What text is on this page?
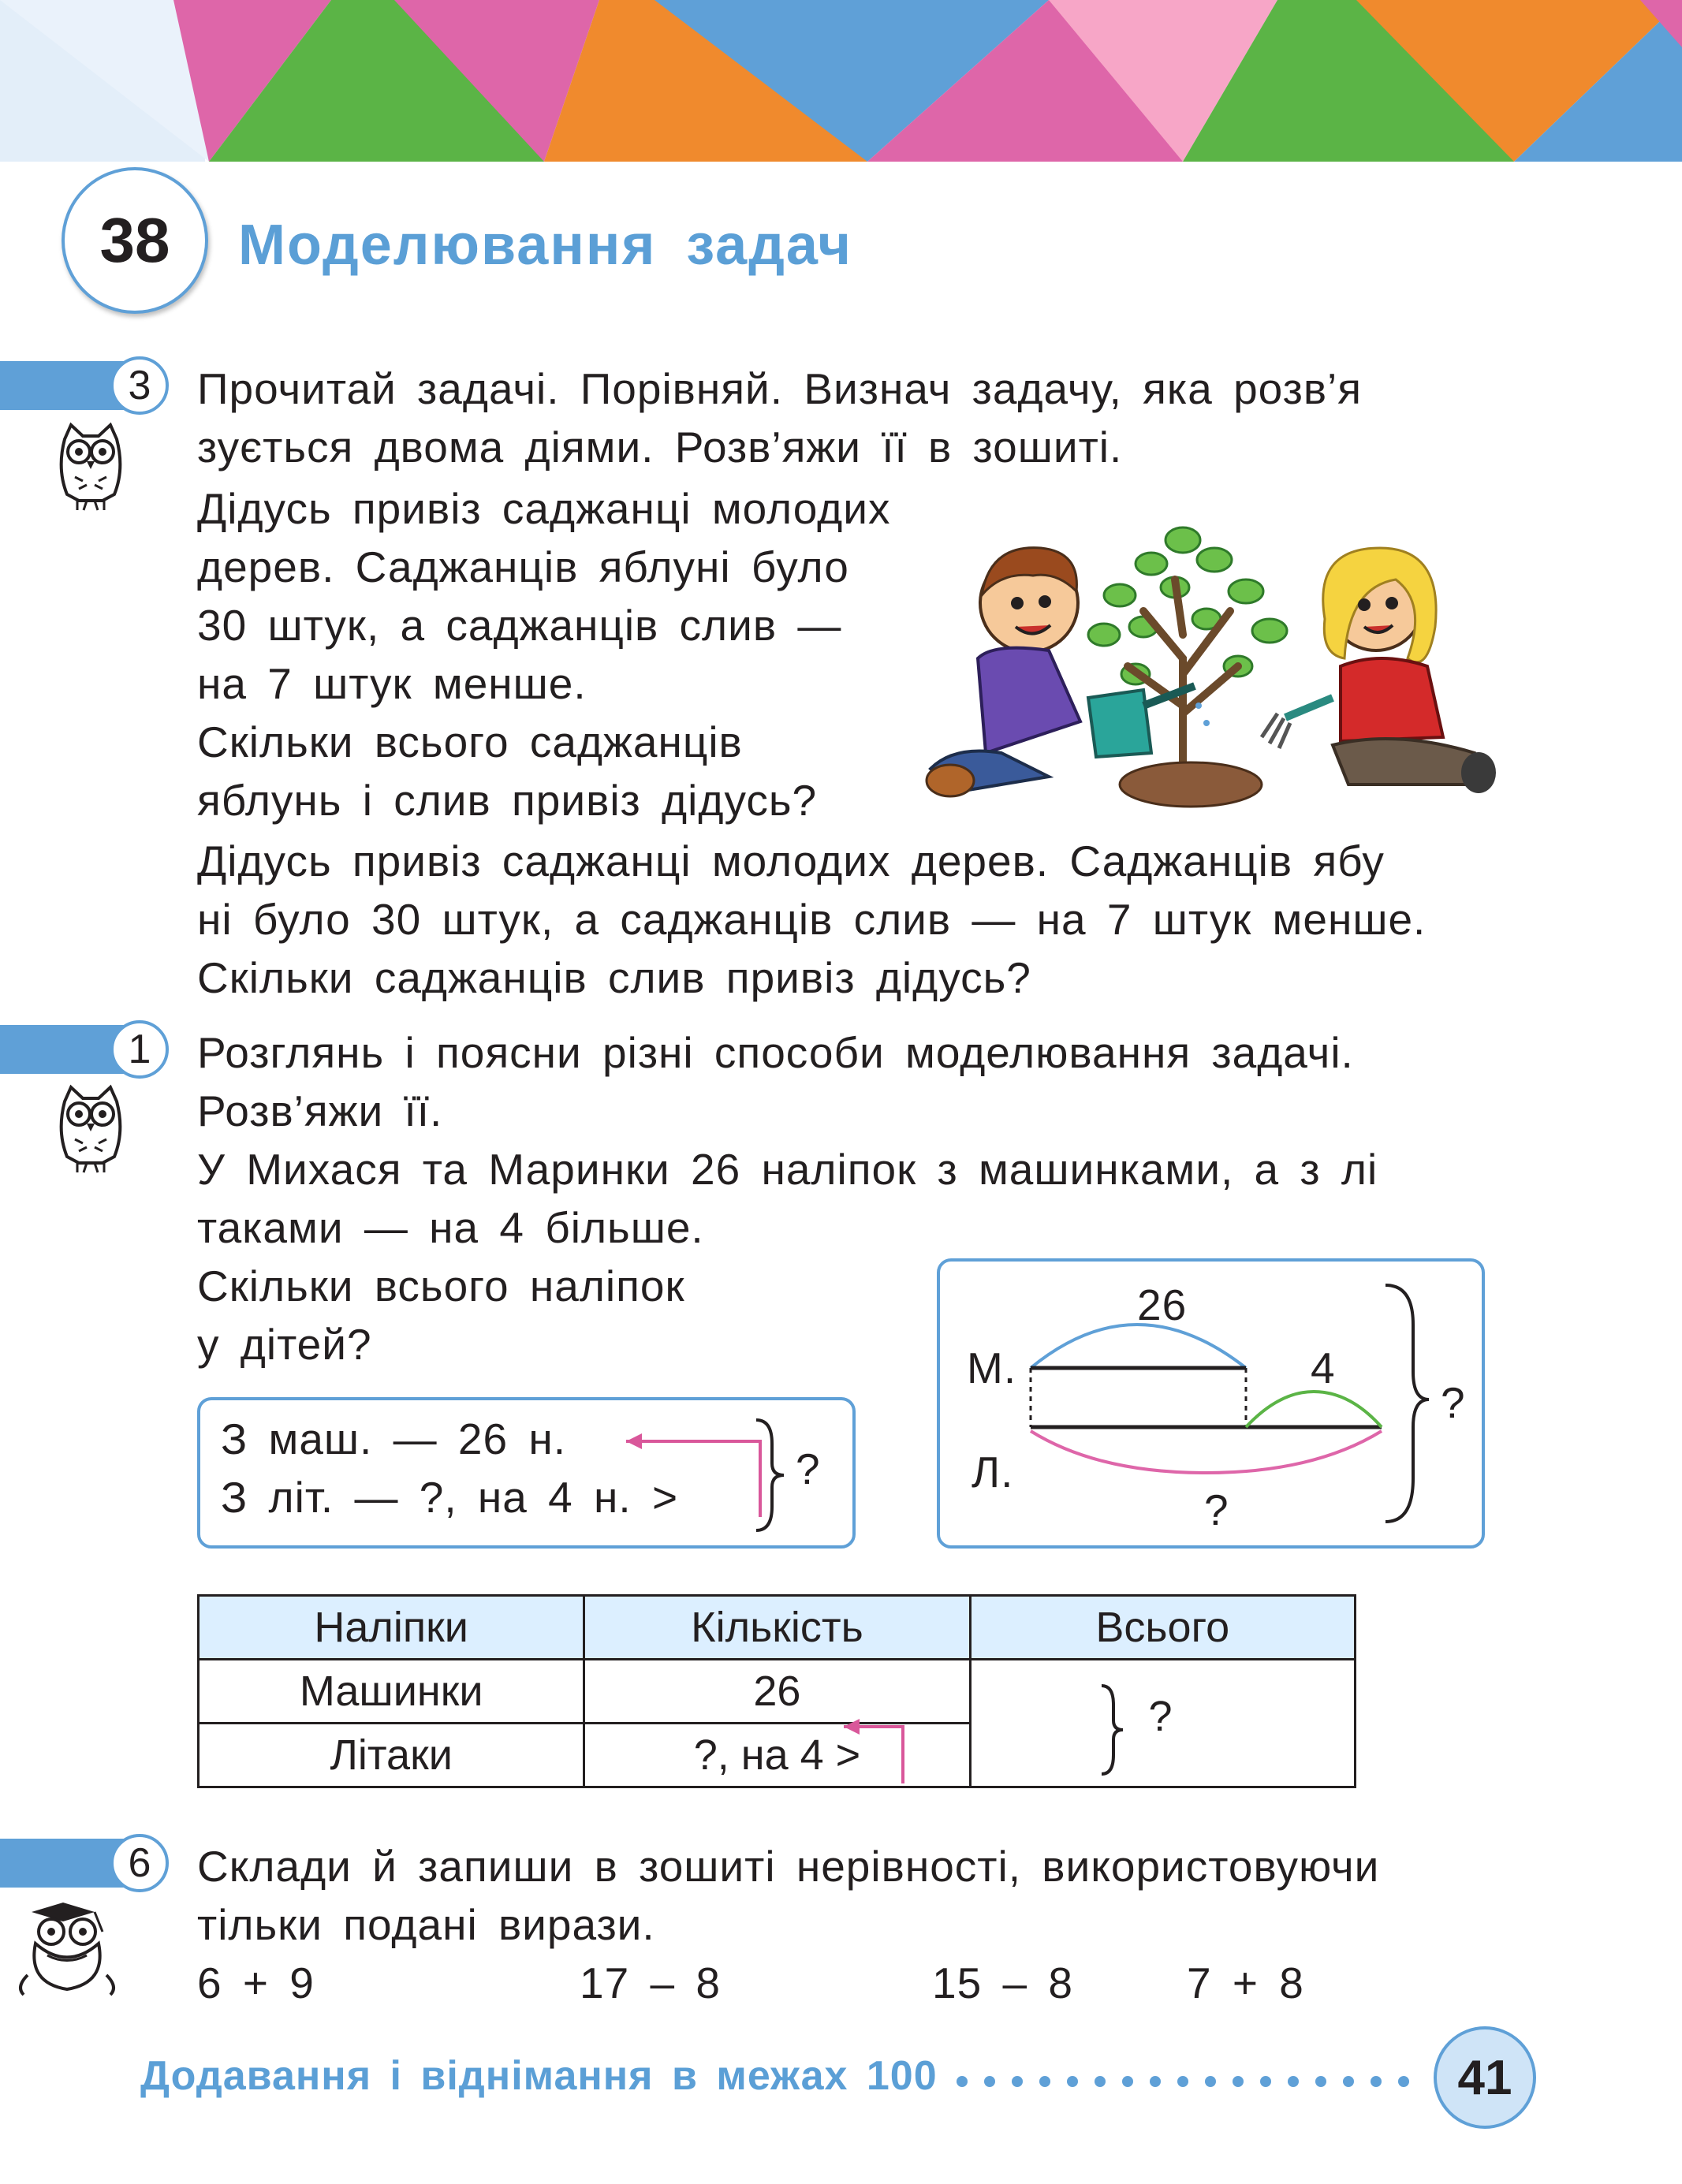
38 Моделювання задач
3	Прочитай задачі. Порівняй. Визнач задачу, яка розв’я
зується двома діями. Розв’яжи її в зошиті.
Дідусь привіз саджанці молодих
дерев. Саджанців яблуні було
30 штук, а саджанців слив —
на 7 штук менше.
Скільки всього саджанців
яблунь і слив привіз дідусь?
Дідусь привіз саджанці молодих дерев. Саджанців ябу
ні було 30 штук, а саджанців слив — на 7 штук менше.
Скільки саджанців слив привіз дідусь?
1	Розглянь і поясни різні способи моделювання задачі.
Розв’яжи її.
У Михася та Маринки 26 наліпок з машинками, а з лі
таками — на 4 більше.
Скільки всього наліпок
у дітей?
З маш. — 26 н.
З літ. — ?, на 4 н. >
?
26
М.	4
Л.
?
?
Наліпки	Кількість	Всього
Машинки	26	?

Літаки	?, на 4 >	
6	Склади й запиши в зошиті нерівності, використовуючи
тільки подані вирази.
6 + 9	17 – 8	15 – 8	7 + 8
Додавання і віднімання в межах 100	41
